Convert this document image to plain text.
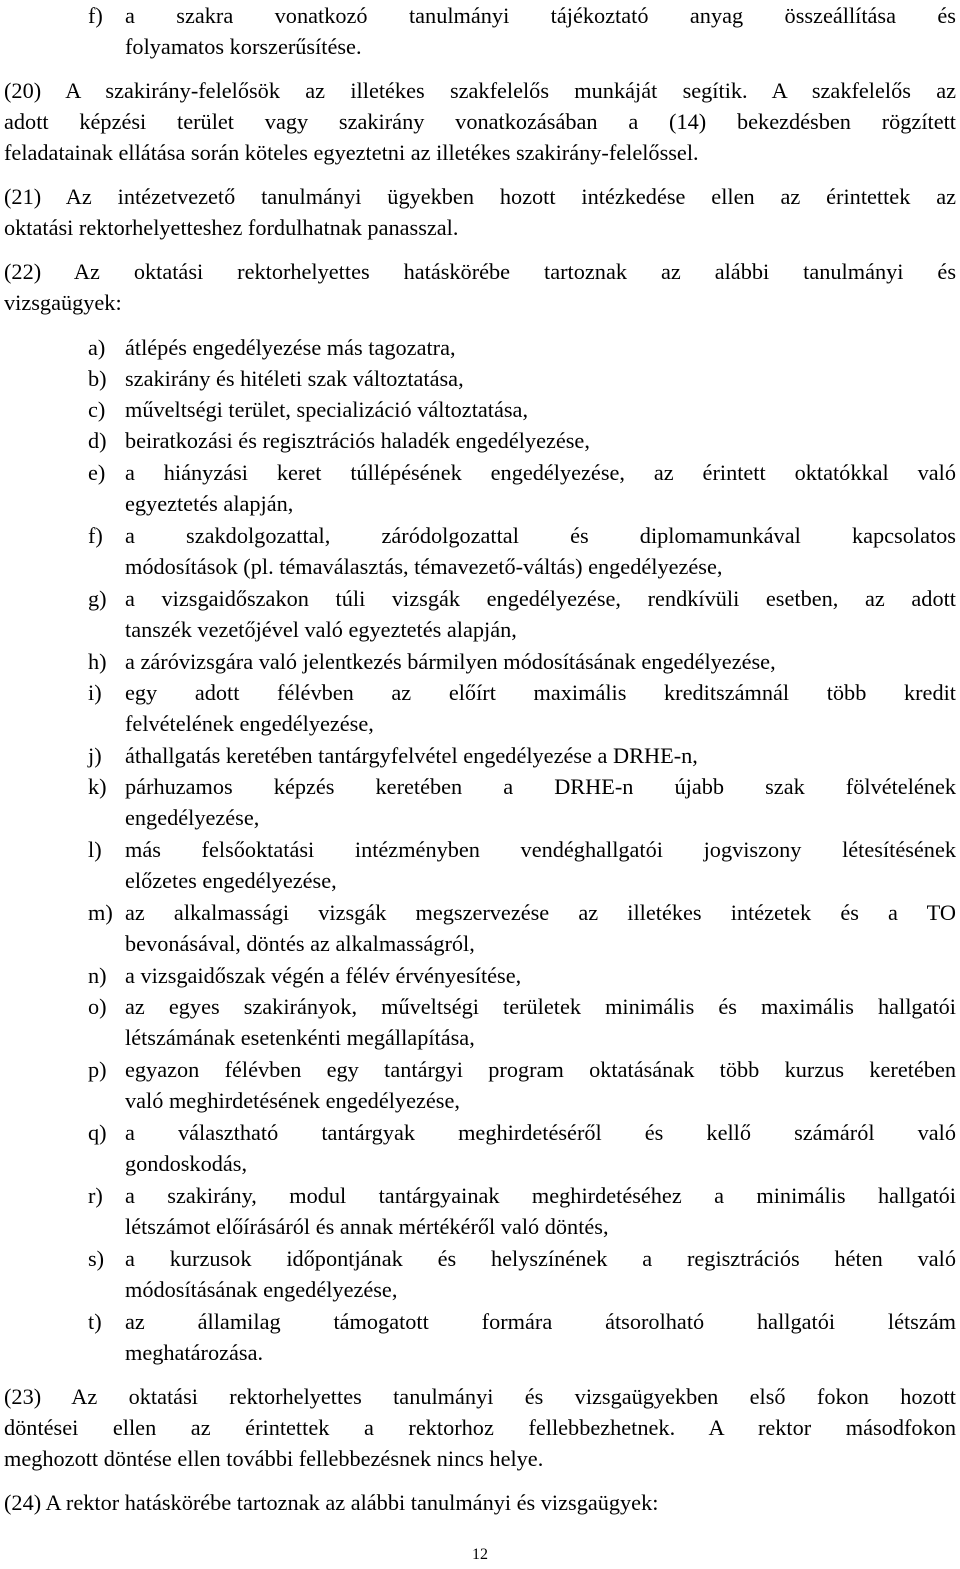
f) a szakra vonatkozó tanulmányi tájékoztató anyag összeállítása és
folyamatos korszerűsítése.
(20) A szakirány-felelősök az illetékes szakfelelős munkáját segítik. A szakfelelős az
adott képzési terület vagy szakirány vonatkozásában a (14) bekezdésben rögzített
feladatainak ellátása során köteles egyeztetni az illetékes szakirány-felelőssel.
(21) Az intézetvezető tanulmányi ügyekben hozott intézkedése ellen az érintettek az
oktatási rektorhelyetteshez fordulhatnak panasszal.
(22) Az oktatási rektorhelyettes hatáskörébe tartoznak az alábbi tanulmányi és
vizsgaügyek:
a) átlépés engedélyezése más tagozatra,
b) szakirány és hitéleti szak változtatása,
c) műveltségi terület, specializáció változtatása,
d) beiratkozási és regisztrációs haladék engedélyezése,
e) a hiányzási keret túllépésének engedélyezése, az érintett oktatókkal való
egyeztetés alapján,
f) a szakdolgozattal, záródolgozattal és diplomamunkával kapcsolatos
módosítások (pl. témaválasztás, témavezető-váltás) engedélyezése,
g) a vizsgaidőszakon túli vizsgák engedélyezése, rendkívüli esetben, az adott
tanszék vezetőjével való egyeztetés alapján,
h) a záróvizsgára való jelentkezés bármilyen módosításának engedélyezése,
i) egy adott félévben az előírt maximális kreditszámnál több kredit
felvételének engedélyezése,
j) áthallgatás keretében tantárgyfelvétel engedélyezése a DRHE-n,
k) párhuzamos képzés keretében a DRHE-n újabb szak fölvételének
engedélyezése,
l) más felsőoktatási intézményben vendéghallgatói jogviszony létesítésének
előzetes engedélyezése,
m) az alkalmassági vizsgák megszervezése az illetékes intézetek és a TO
bevonásával, döntés az alkalmasságról,
n) a vizsgaidőszak végén a félév érvényesítése,
o) az egyes szakirányok, műveltségi területek minimális és maximális hallgatói
létszámának esetenkénti megállapítása,
p) egyazon félévben egy tantárgyi program oktatásának több kurzus keretében
való meghirdetésének engedélyezése,
q) a választható tantárgyak meghirdetéséről és kellő számáról való
gondoskodás,
r) a szakirány, modul tantárgyainak meghirdetéséhez a minimális hallgatói
létszámot előírásáról és annak mértékéről való döntés,
s) a kurzusok időpontjának és helyszínének a regisztrációs héten való
módosításának engedélyezése,
t) az államilag támogatott formára átsorolható hallgatói létszám
meghatározása.
(23) Az oktatási rektorhelyettes tanulmányi és vizsgaügyekben első fokon hozott
döntései ellen az érintettek a rektorhoz fellebbezhetnek. A rektor másodfokon
meghozott döntése ellen további fellebbezésnek nincs helye.
(24) A rektor hatáskörébe tartoznak az alábbi tanulmányi és vizsgaügyek:
12
